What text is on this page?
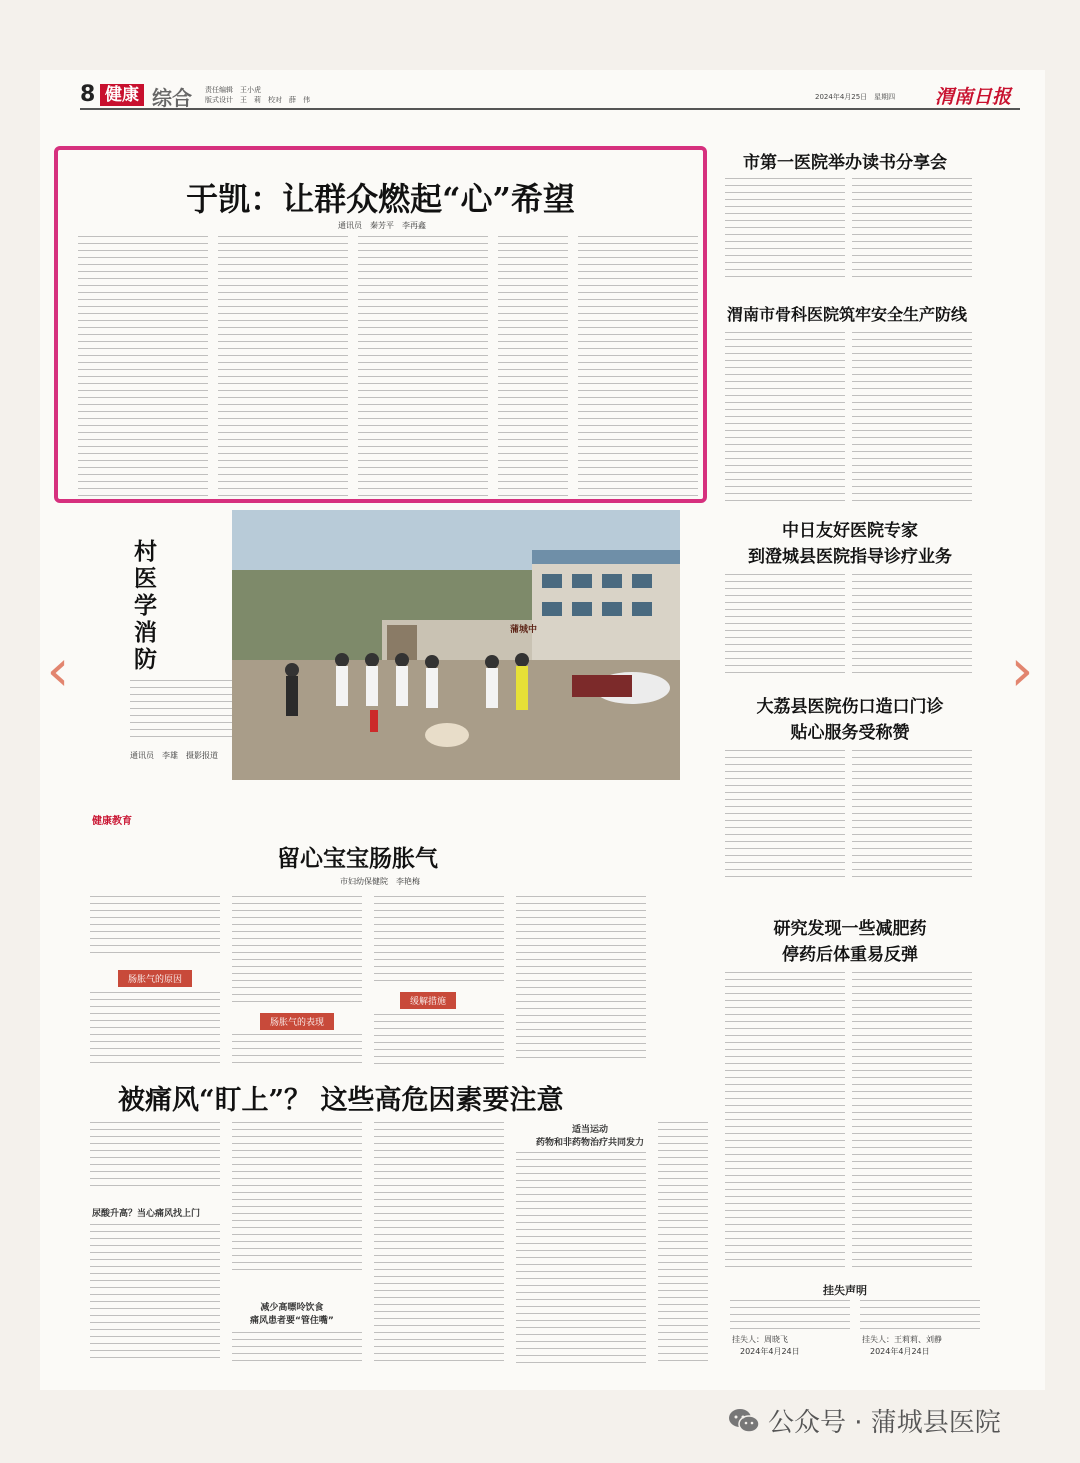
8 健康 综合 责任编辑　王小虎
版式设计　王　莉　校对　薛　伟	2024年4月25日　星期四 渭南日报
于凯：让群众燃起“心”希望
通讯员　秦芳平　李再鑫
市第一医院举办读书分享会
渭南市骨科医院筑牢安全生产防线
中日友好医院专家
到澄城县医院指导诊疗业务
大荔县医院伤口造口门诊
贴心服务受称赞
研究发现一些减肥药
停药后体重易反弹
村医学消防
通讯员　李雄　摄影报道
蒲城中
健康教育
留心宝宝肠胀气
市妇幼保健院　李艳梅
肠胀气的原因
肠胀气的表现
缓解措施
被痛风“盯上”？ 这些高危因素要注意
尿酸升高？当心痛风找上门
减少高嘌呤饮食
痛风患者要“管住嘴”
适当运动
药物和非药物治疗共同发力
挂失声明
挂失人：周晓飞
2024年4月24日
挂失人：王莉莉、刘静
2024年4月24日
‹	›
公众号 · 蒲城县医院
